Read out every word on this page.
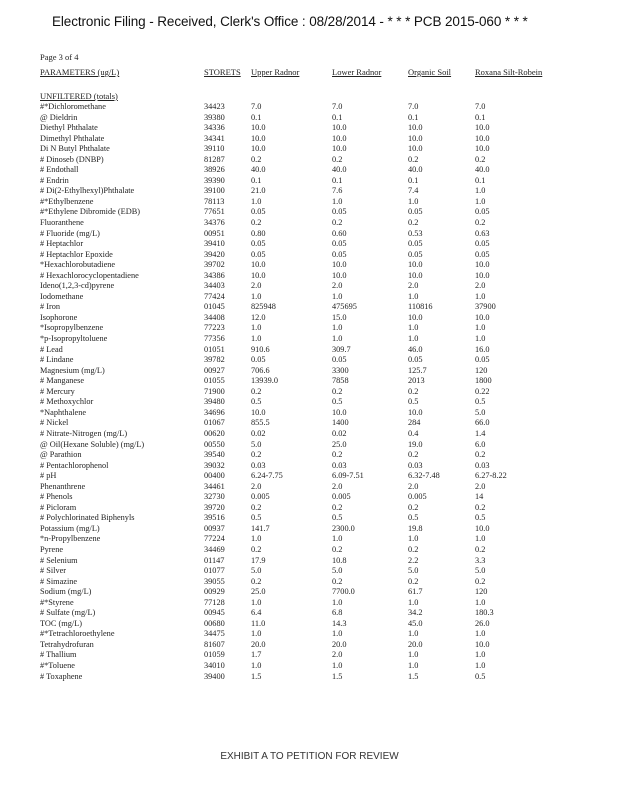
Electronic Filing - Received, Clerk's Office : 08/28/2014 - * * * PCB 2015-060 * * *
Page 3 of 4
PARAMETERS (ug/L)	STORETS Upper Radnor	Lower Radnor	Organic Soil	Roxana Silt-Robein
UNFILTERED (totals)
#*Dichloromethane	34423	7.0	7.0	7.0	7.0
@ Dieldrin	39380	0.1	0.1	0.1	0.1
Diethyl Phthalate	34336	10.0	10.0	10.0	10.0
Dimethyl Phthalate	34341	10.0	10.0	10.0	10.0
Di N Butyl Phthalate	39110	10.0	10.0	10.0	10.0
# Dinoseb (DNBP)	81287	0.2	0.2	0.2	0.2
# Endothall	38926	40.0	40.0	40.0	40.0
# Endrin	39390	0.1	0.1	0.1	0.1
# Di(2-Ethylhexyl)Phthalate	39100	21.0	7.6	7.4	1.0
#*Ethylbenzene	78113	1.0	1.0	1.0	1.0
#*Ethylene Dibromide (EDB)	77651	0.05	0.05	0.05	0.05
Fluoranthene	34376	0.2	0.2	0.2	0.2
# Fluoride (mg/L)	00951	0.80	0.60	0.53	0.63
# Heptachlor	39410	0.05	0.05	0.05	0.05
# Heptachlor Epoxide	39420	0.05	0.05	0.05	0.05
*Hexachlorobutadiene	39702	10.0	10.0	10.0	10.0
# Hexachlorocyclopentadiene	34386	10.0	10.0	10.0	10.0
Ideno(1,2,3-cd)pyrene	34403	2.0	2.0	2.0	2.0
Iodomethane	77424	1.0	1.0	1.0	1.0
# Iron	01045	825948	475695	110816	37900
Isophorone	34408	12.0	15.0	10.0	10.0
*Isopropylbenzene	77223	1.0	1.0	1.0	1.0
*p-Isopropyltoluene	77356	1.0	1.0	1.0	1.0
# Lead	01051	910.6	309.7	46.0	16.0
# Lindane	39782	0.05	0.05	0.05	0.05
Magnesium (mg/L)	00927	706.6	3300	125.7	120
# Manganese	01055	13939.0	7858	2013	1800
# Mercury	71900	0.2	0.2	0.2	0.22
# Methoxychlor	39480	0.5	0.5	0.5	0.5
*Naphthalene	34696	10.0	10.0	10.0	5.0
# Nickel	01067	855.5	1400	284	66.0
# Nitrate-Nitrogen (mg/L)	00620	0.02	0.02	0.4	1.4
@ Oil(Hexane Soluble) (mg/L)	00550	5.0	25.0	19.0	6.0
@ Parathion	39540	0.2	0.2	0.2	0.2
# Pentachlorophenol	39032	0.03	0.03	0.03	0.03
# pH	00400	6.24-7.75	6.09-7.51	6.32-7.48	6.27-8.22
Phenanthrene	34461	2.0	2.0	2.0	2.0
# Phenols	32730	0.005	0.005	0.005	14
# Picloram	39720	0.2	0.2	0.2	0.2
# Polychlorinated Biphenyls	39516	0.5	0.5	0.5	0.5
Potassium (mg/L)	00937	141.7	2300.0	19.8	10.0
*n-Propylbenzene	77224	1.0	1.0	1.0	1.0
Pyrene	34469	0.2	0.2	0.2	0.2
# Selenium	01147	17.9	10.8	2.2	3.3
# Silver	01077	5.0	5.0	5.0	5.0
# Simazine	39055	0.2	0.2	0.2	0.2
Sodium (mg/L)	00929	25.0	7700.0	61.7	120
#*Styrene	77128	1.0	1.0	1.0	1.0
# Sulfate (mg/L)	00945	6.4	6.8	34.2	180.3
TOC (mg/L)	00680	11.0	14.3	45.0	26.0
#*Tetrachloroethylene	34475	1.0	1.0	1.0	1.0
Tetrahydrofuran	81607	20.0	20.0	20.0	10.0
# Thallium	01059	1.7	2.0	1.0	1.0
#*Toluene	34010	1.0	1.0	1.0	1.0
# Toxaphene	39400	1.5	1.5	1.5	0.5
EXHIBIT A TO PETITION FOR REVIEW
